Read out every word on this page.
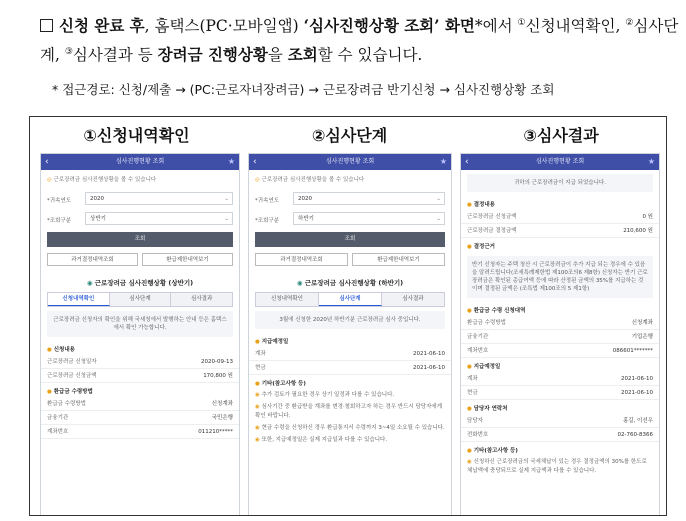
신청 완료 후, 홈택스(PC·모바일앱) ‘심사진행상황 조회’ 화면*에서 ①신청내역확인, ②심사단계, ③심사결과 등 장려금 진행상황을 조회할 수 있습니다.
* 접근경로: 신청/제출 → (PC:근로자녀장려금) → 근로장려금 반기신청 → 심사진행상황 조회
①신청내역확인
‹	심사진행현황 조회	★
◎ 근로장려금 심사진행상황을 볼 수 있습니다
*귀속연도	2020	⌄
*조회구분	상반기	⌄
조회
과거결정내역조회	환급제한내역보기
◉ 근로장려금 심사진행상황 (상반기)
신청내역확인	심사단계	심사결과
근로장려금 신청자의 확인을 위해 국세청에서 발행하는 안내 등은 홈택스에서 확인 가능합니다.
● 신청내용
근로장려금 신청일자	2020-09-13
근로장려금 신청금액	170,800 원
● 환급금 수령방법
환급금 수령방법	신청계좌
금융기관	국민은행
계좌번호	011210*****
②심사단계
‹	심사진행현황 조회	★
◎ 근로장려금 심사진행상황을 볼 수 있습니다
*귀속연도	2020	⌄
*조회구분	하반기	⌄
조회
과거결정내역조회	환급제한내역보기
◉ 근로장려금 심사진행상황 (하반기)
신청내역확인	심사단계	심사결과
3월에 신청한 2020년 하반기분 근로장려금 심사 중입니다.
● 지급예정일
계좌	2021-06-10
현금	2021-06-10
● 기타(참고사항 등)
◉ 추가 검토가 필요한 경우 상기 일정과 다를 수 있습니다.
◉ 심사기간 중 환급받을 계좌를 변경·철회하고자 하는 경우 반드시 담당자에게 확인 바랍니다.
◉ 현금 수령을 신청하신 경우 환급통지서 수령까지 3~4일 소요될 수 있습니다.
◉ 또한, 지급예정일은 실제 지급일과 다를 수 있습니다.
③심사결과
‹	심사진행현황 조회	★
귀하의 근로장려금이 지급 되었습니다.
● 결정내용
근로장려금 신청금액	0 원
근로장려금 결정금액	210,600 원
● 결정근거
반기 신청자는 주택 청산 시 근로장려금이 추가 지급 되는 경우에 수 있음을 알려드립니다(조세특례제한법 제100조의6 제8항) 신청자는 반기 근로장려금은 확인된 총급여액 등에 따라 산정된 금액의 35%를 지급하는 것이며 결정된 금액은 (조특법 제100조의 5 제1항)
● 환급금 수령 신청대역
환급금 수령방법	신청계좌
금융기관	기업은행
계좌번호	086601*******
● 지급예정일
계좌	2021-06-10
현금	2021-06-10
● 담당자 연락처
담당자	홍길, 이선우
전화번호	02-760-8366
● 기타(참고사항 등)
◉ 신청하신 근로장려금의 국세체납이 있는 경우 결정금액의 30%를 한도로 체납액에 충당되므로 실제 지급액과 다를 수 있습니다.
